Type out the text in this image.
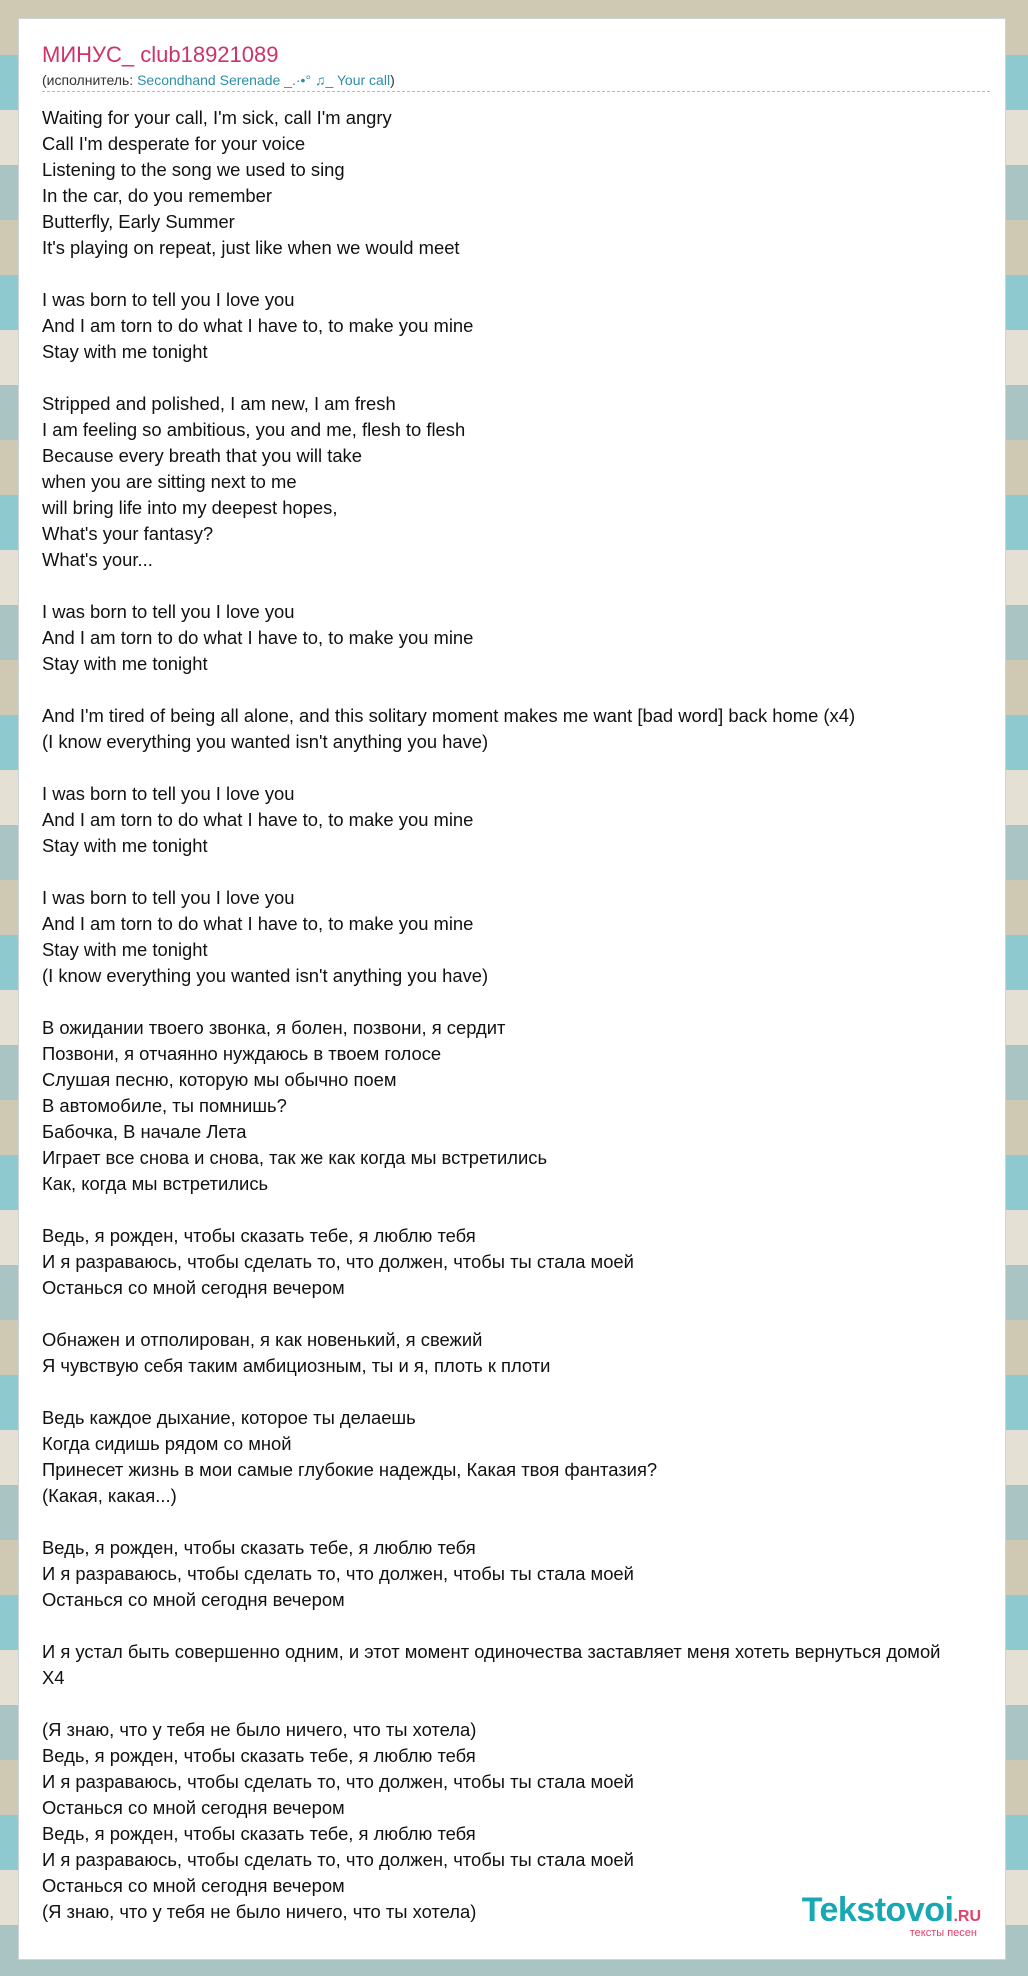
МИНУС_ club18921089
(исполнитель: Secondhand Serenade _.·•° ♫_ Your call)
Waiting for your call, I'm sick, call I'm angry
Call I'm desperate for your voice
Listening to the song we used to sing
In the car, do you remember
Butterfly, Early Summer
It's playing on repeat, just like when we would meet
I was born to tell you I love you
And I am torn to do what I have to, to make you mine
Stay with me tonight
Stripped and polished, I am new, I am fresh
I am feeling so ambitious, you and me, flesh to flesh
Because every breath that you will take
when you are sitting next to me
will bring life into my deepest hopes,
What's your fantasy?
What's your...
I was born to tell you I love you
And I am torn to do what I have to, to make you mine
Stay with me tonight
And I'm tired of being all alone, and this solitary moment makes me want [bad word] back home (x4)
(I know everything you wanted isn't anything you have)
I was born to tell you I love you
And I am torn to do what I have to, to make you mine
Stay with me tonight
I was born to tell you I love you
And I am torn to do what I have to, to make you mine
Stay with me tonight
(I know everything you wanted isn't anything you have)
В ожидании твоего звонка, я болен, позвони, я сердит
Позвони, я отчаянно нуждаюсь в твоем голосе
Слушая песню, которую мы обычно поем
В автомобиле, ты помнишь?
Бабочка, В начале Лета
Играет все снова и снова, так же как когда мы встретились
Как, когда мы встретились
Ведь, я рожден, чтобы сказать тебе, я люблю тебя
И я разраваюсь, чтобы сделать то, что должен, чтобы ты стала моей
Останься со мной сегодня вечером
Обнажен и отполирован, я как новенький, я свежий
Я чувствую себя таким амбициозным, ты и я, плоть к плоти
Ведь каждое дыхание, которое ты делаешь
Когда сидишь рядом со мной
Принесет жизнь в мои самые глубокие надежды, Какая твоя фантазия?
(Какая, какая...)
Ведь, я рожден, чтобы сказать тебе, я люблю тебя
И я разраваюсь, чтобы сделать то, что должен, чтобы ты стала моей
Останься со мной сегодня вечером
И я устал быть совершенно одним, и этот момент одиночества заставляет меня хотеть вернуться домой
X4
(Я знаю, что у тебя не было ничего, что ты хотела)
Ведь, я рожден, чтобы сказать тебе, я люблю тебя
И я разраваюсь, чтобы сделать то, что должен, чтобы ты стала моей
Останься со мной сегодня вечером
Ведь, я рожден, чтобы сказать тебе, я люблю тебя
И я разраваюсь, чтобы сделать то, что должен, чтобы ты стала моей
Останься со мной сегодня вечером
(Я знаю, что у тебя не было ничего, что ты хотела)	Tekstovoi.RU
тексты песен
